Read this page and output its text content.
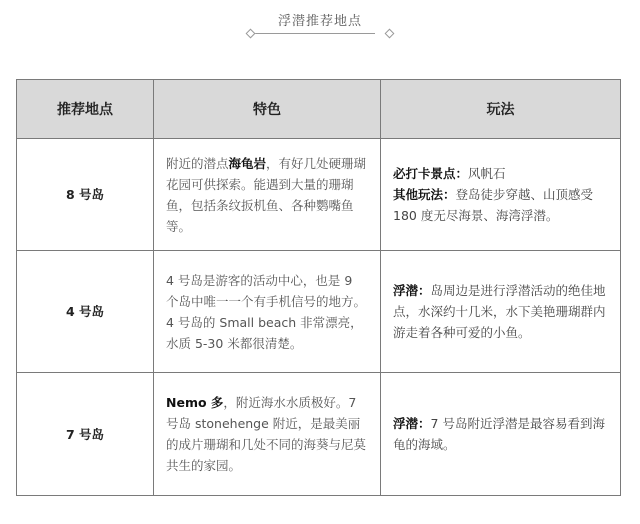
浮潜推荐地点
推荐地点	特色	玩法
8 号岛	附近的潜点海龟岩，有好几处硬珊瑚花园可供探索。能遇到大量的珊瑚鱼，包括条纹扳机鱼、各种鹦嘴鱼等。	必打卡景点：风帆石
其他玩法：登岛徒步穿越、山顶感受 180 度无尽海景、海湾浮潜。
4 号岛	4 号岛是游客的活动中心，也是 9 个岛中唯一一个有手机信号的地方。4 号岛的 Small beach 非常漂亮，水质 5-30 米都很清楚。	浮潜：岛周边是进行浮潜活动的绝佳地点，水深约十几米，水下美艳珊瑚群内游走着各种可爱的小鱼。
7 号岛	Nemo 多，附近海水水质极好。7 号岛 stonehenge 附近，是最美丽的成片珊瑚和几处不同的海葵与尼莫共生的家园。	浮潜：7 号岛附近浮潜是最容易看到海龟的海域。
